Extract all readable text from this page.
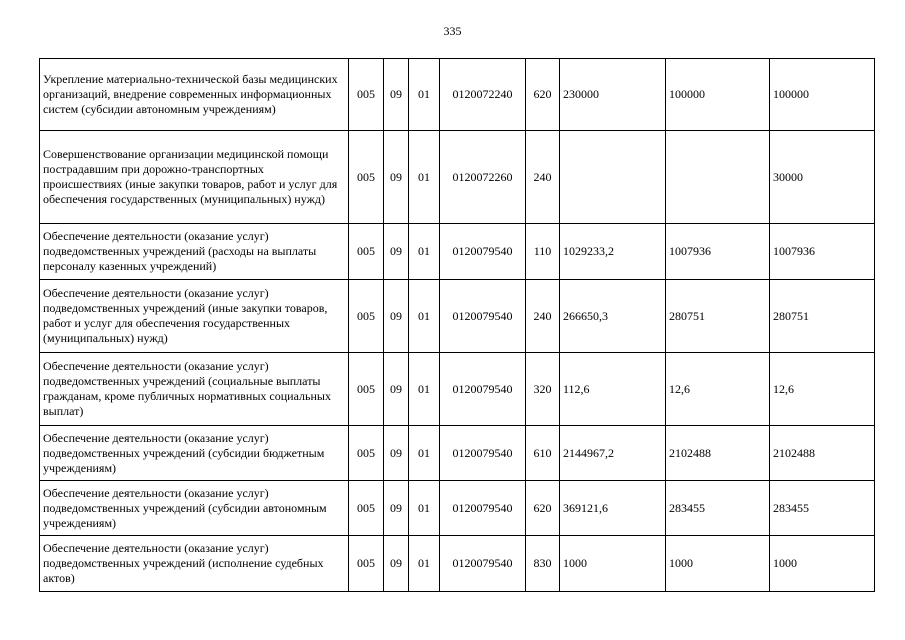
335
Укрепление материально-технической базы медицинских организаций, внедрение современных информационных систем (субсидии автономным учреждениям)	005	09	01	0120072240	620	230000	100000	100000
Совершенствование организации медицинской помощи пострадавшим при дорожно-транспортных происшествиях (иные закупки товаров, работ и услуг для обеспечения государственных (муниципальных) нужд)	005	09	01	0120072260	240			30000
Обеспечение деятельности (оказание услуг) подведомственных учреждений (расходы на выплаты персоналу казенных учреждений)	005	09	01	0120079540	110	1029233,2	1007936	1007936
Обеспечение деятельности (оказание услуг) подведомственных учреждений (иные закупки товаров, работ и услуг для обеспечения государственных (муниципальных) нужд)	005	09	01	0120079540	240	266650,3	280751	280751
Обеспечение деятельности (оказание услуг) подведомственных учреждений (социальные выплаты гражданам, кроме публичных нормативных социальных выплат)	005	09	01	0120079540	320	112,6	12,6	12,6
Обеспечение деятельности (оказание услуг) подведомственных учреждений (субсидии бюджетным учреждениям)	005	09	01	0120079540	610	2144967,2	2102488	2102488
Обеспечение деятельности (оказание услуг) подведомственных учреждений (субсидии автономным учреждениям)	005	09	01	0120079540	620	369121,6	283455	283455
Обеспечение деятельности (оказание услуг) подведомственных учреждений (исполнение судебных актов)	005	09	01	0120079540	830	1000	1000	1000
